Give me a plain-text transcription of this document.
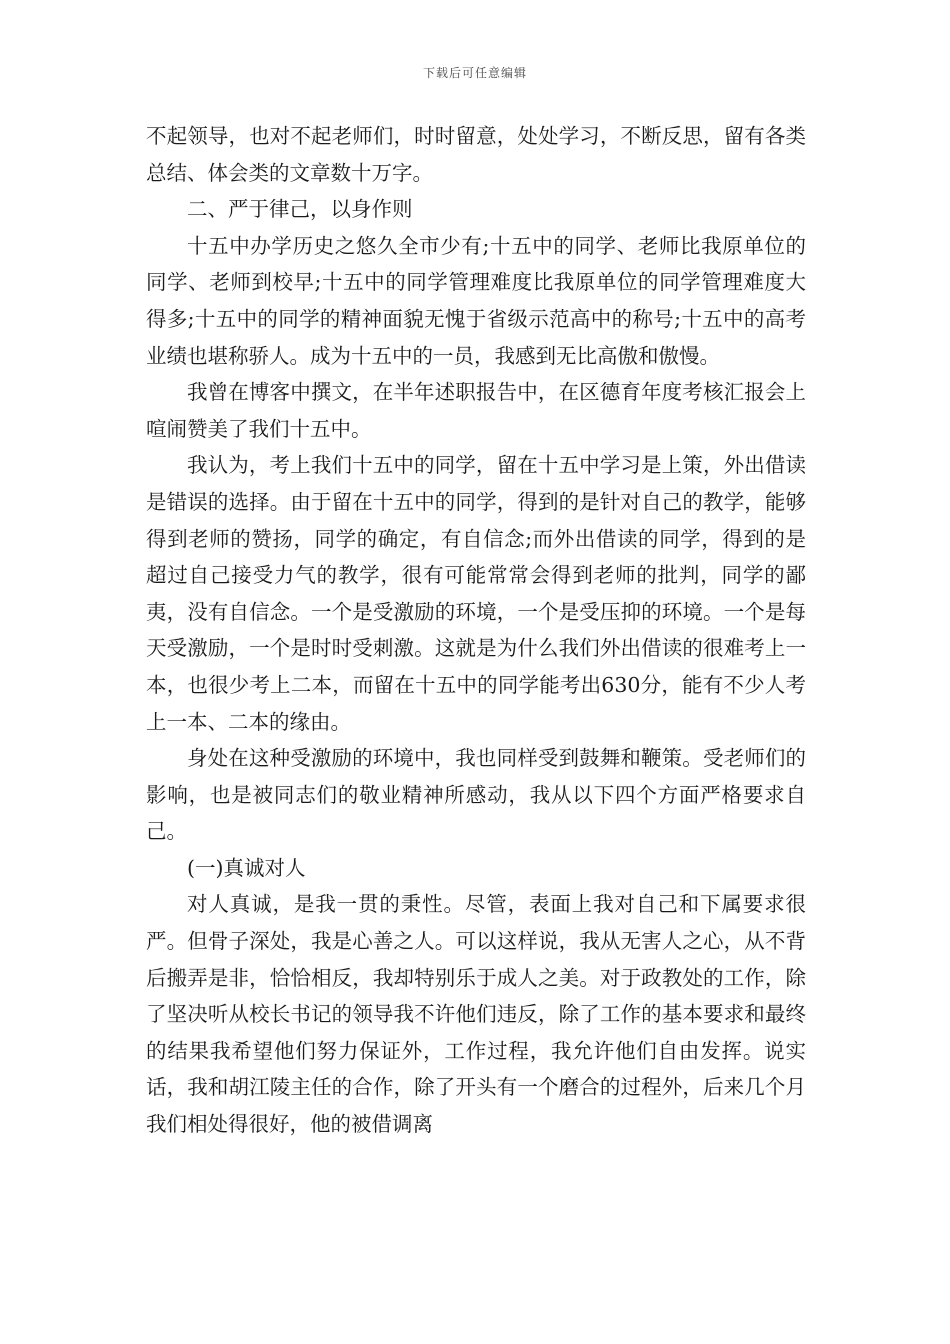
下载后可任意编辑

不起领导，也对不起老师们，时时留意，处处学习，不断反思，留有各类总结、体会类的文章数十万字。

二、严于律己，以身作则

十五中办学历史之悠久全市少有;十五中的同学、老师比我原单位的同学、老师到校早;十五中的同学管理难度比我原单位的同学管理难度大得多;十五中的同学的精神面貌无愧于省级示范高中的称号;十五中的高考业绩也堪称骄人。成为十五中的一员，我感到无比高傲和傲慢。

我曾在博客中撰文，在半年述职报告中，在区德育年度考核汇报会上喧闹赞美了我们十五中。

我认为，考上我们十五中的同学，留在十五中学习是上策，外出借读是错误的选择。由于留在十五中的同学，得到的是针对自己的教学，能够得到老师的赞扬，同学的确定，有自信念;而外出借读的同学，得到的是超过自己接受力气的教学，很有可能常常会得到老师的批判，同学的鄙夷，没有自信念。一个是受激励的环境，一个是受压抑的环境。一个是每天受激励，一个是时时受刺激。这就是为什么我们外出借读的很难考上一本，也很少考上二本，而留在十五中的同学能考出630分，能有不少人考上一本、二本的缘由。

身处在这种受激励的环境中，我也同样受到鼓舞和鞭策。受老师们的影响，也是被同志们的敬业精神所感动，我从以下四个方面严格要求自己。

(一)真诚对人

对人真诚，是我一贯的秉性。尽管，表面上我对自己和下属要求很严。但骨子深处，我是心善之人。可以这样说，我从无害人之心，从不背后搬弄是非，恰恰相反，我却特别乐于成人之美。对于政教处的工作，除了坚决听从校长书记的领导我不许他们违反，除了工作的基本要求和最终的结果我希望他们努力保证外，工作过程，我允许他们自由发挥。说实话，我和胡江陵主任的合作，除了开头有一个磨合的过程外，后来几个月我们相处得很好，他的被借调离
